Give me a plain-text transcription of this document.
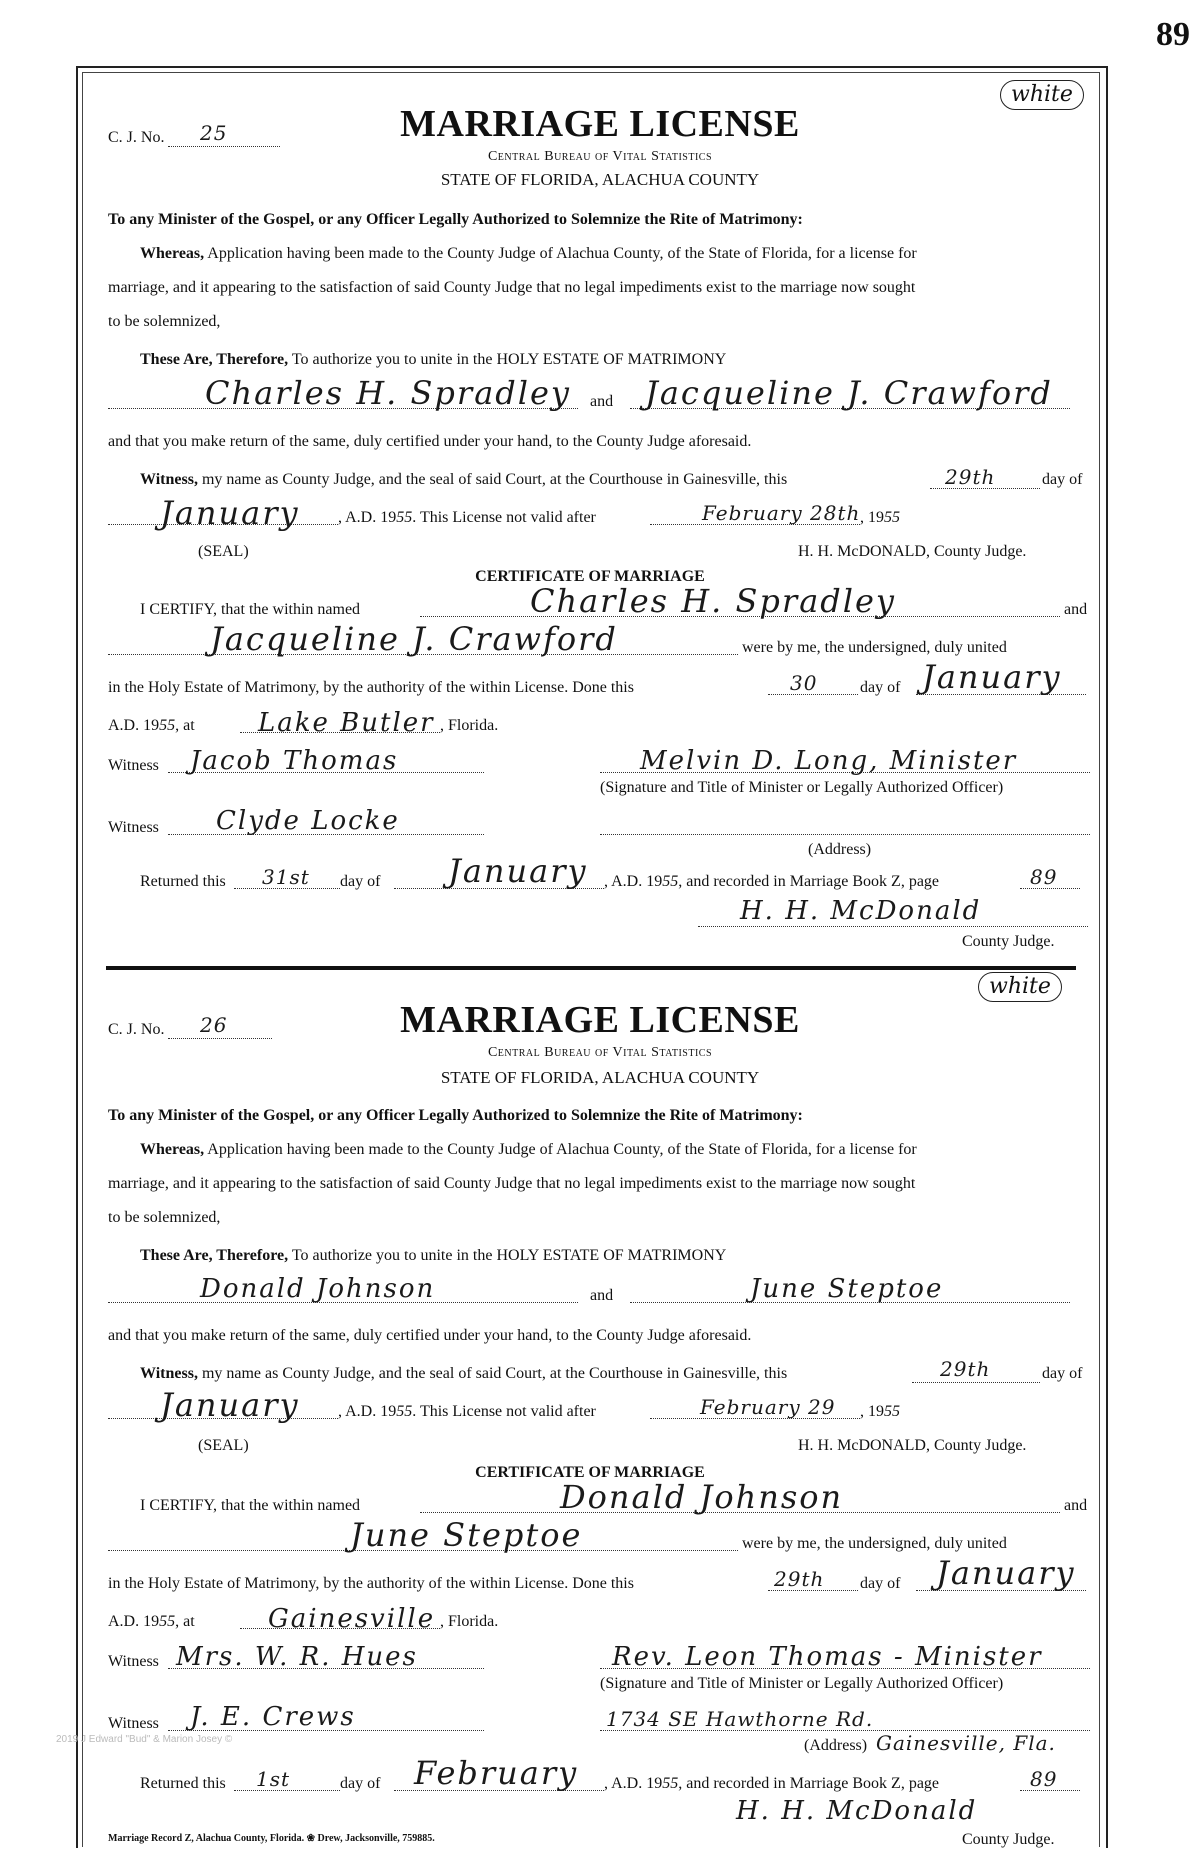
89
white
C. J. No. 25	MARRIAGE LICENSE
Central Bureau of Vital Statistics
STATE OF FLORIDA, ALACHUA COUNTY
To any Minister of the Gospel, or any Officer Legally Authorized to Solemnize the Rite of Matrimony:
Whereas, Application having been made to the County Judge of Alachua County, of the State of Florida, for a license for
marriage, and it appearing to the satisfaction of said County Judge that no legal impediments exist to the marriage now sought
to be solemnized,
These Are, Therefore, To authorize you to unite in the HOLY ESTATE OF MATRIMONY
Charles H. Spradley and Jacqueline J. Crawford
and that you make return of the same, duly certified under your hand, to the County Judge aforesaid.
Witness, my name as County Judge, and the seal of said Court, at the Courthouse in Gainesville, this	29th	day of
January , A.D. 1955. This License not valid after	February 28th , 1955
(SEAL)	H. H. McDONALD, County Judge.
CERTIFICATE OF MARRIAGE
I CERTIFY, that the within named	Charles H. Spradley	and
Jacqueline J. Crawford	were by me, the undersigned, duly united
in the Holy Estate of Matrimony, by the authority of the within License. Done this	30	day of January
A.D. 1955, at Lake Butler , Florida.
Witness Jacob Thomas	Melvin D. Long, Minister
(Signature and Title of Minister or Legally Authorized Officer)
Witness Clyde Locke
(Address)
Returned this 31st day of January , A.D. 1955, and recorded in Marriage Book Z, page	89
H. H. McDonald
County Judge.
white
C. J. No. 26	MARRIAGE LICENSE
Central Bureau of Vital Statistics
STATE OF FLORIDA, ALACHUA COUNTY
To any Minister of the Gospel, or any Officer Legally Authorized to Solemnize the Rite of Matrimony:
Whereas, Application having been made to the County Judge of Alachua County, of the State of Florida, for a license for
marriage, and it appearing to the satisfaction of said County Judge that no legal impediments exist to the marriage now sought
to be solemnized,
These Are, Therefore, To authorize you to unite in the HOLY ESTATE OF MATRIMONY
Donald Johnson	and	June Steptoe
and that you make return of the same, duly certified under your hand, to the County Judge aforesaid.
Witness, my name as County Judge, and the seal of said Court, at the Courthouse in Gainesville, this	29th	day of
January , A.D. 1955. This License not valid after	February 29 , 1955
(SEAL)	H. H. McDONALD, County Judge.
CERTIFICATE OF MARRIAGE
I CERTIFY, that the within named	Donald Johnson	and
June Steptoe	were by me, the undersigned, duly united
in the Holy Estate of Matrimony, by the authority of the within License. Done this	29th day of January
A.D. 1955, at	Gainesville , Florida.
Witness Mrs. W. R. Hues	Rev. Leon Thomas - Minister
(Signature and Title of Minister or Legally Authorized Officer)
Witness J. E. Crews	1734 SE Hawthorne Rd.
Gainesville, Fla.
(Address)
Returned this 1st	day of February , A.D. 1955, and recorded in Marriage Book Z, page	89
H. H. McDonald
County Judge.
2019 J Edward "Bud" & Marion Josey ©
Marriage Record Z, Alachua County, Florida. ❀ Drew, Jacksonville, 759885.
